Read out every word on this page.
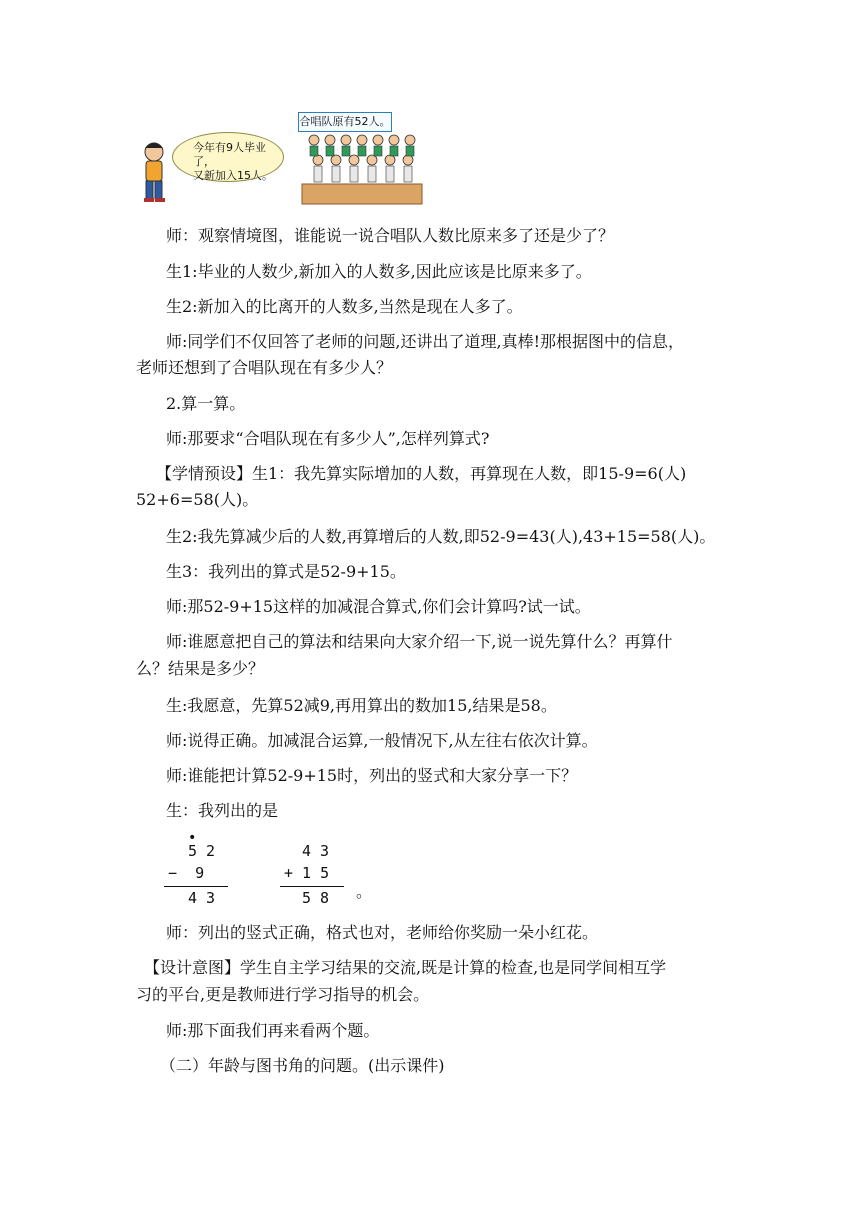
今年有9人毕业了，
又新加入15人。
合唱队原有52人。
师：观察情境图，谁能说一说合唱队人数比原来多了还是少了？
生1:毕业的人数少,新加入的人数多,因此应该是比原来多了。
生2:新加入的比离开的人数多,当然是现在人多了。
师:同学们不仅回答了老师的问题,还讲出了道理,真棒!那根据图中的信息，
老师还想到了合唱队现在有多少人？
2.算一算。
师:那要求“合唱队现在有多少人”,怎样列算式?
【学情预设】生1：我先算实际增加的人数，再算现在人数，即15-9=6(人)
52+6=58(人)。
生2:我先算减少后的人数,再算增后的人数,即52-9=43(人),43+15=58(人)。
生3：我列出的算式是52-9+15。
师:那52-9+15这样的加减混合算式,你们会计算吗?试一试。
师:谁愿意把自己的算法和结果向大家介绍一下,说一说先算什么？再算什
么？结果是多少？
生:我愿意，先算52减9,再用算出的数加15,结果是58。
师:说得正确。加减混合运算,一般情况下,从左往右依次计算。
师:谁能把计算52-9+15时，列出的竖式和大家分享一下？
生：我列出的是
•
5 2
−  9
4 3
4 3
+ 1 5
5 8 。
师：列出的竖式正确，格式也对，老师给你奖励一朵小红花。
【设计意图】学生自主学习结果的交流,既是计算的检查,也是同学间相互学
习的平台,更是教师进行学习指导的机会。
师:那下面我们再来看两个题。
（二）年龄与图书角的问题。(出示课件)
